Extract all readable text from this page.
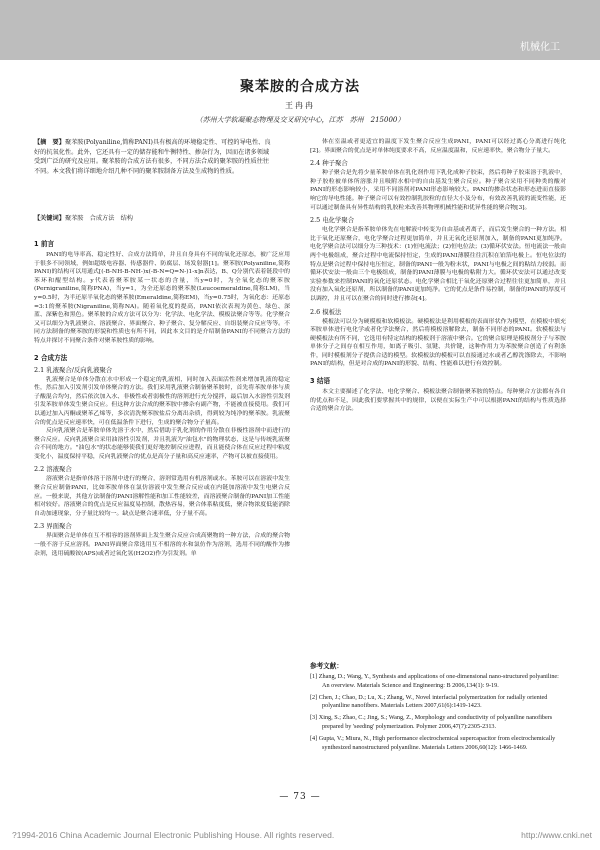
机械化工
聚苯胺的合成方法
王冉冉
（苏州大学软凝聚态物理及交叉研究中心，江苏　苏州　215000）
【摘　要】聚苯胺(Polyaniline,简称PANI)具有极高的环境稳定性、可控的导电性、良好的抗氧化性。此外，它还具有一定的储存能和牛衡特性、掺杂行为，因而在诸多领域受到广泛的研究及应用。聚苯胺的合成方法有很多，不同方法合成的聚苯胺的性质往往不同。本文我们将详细地介绍几种不同的聚苯胺制备方法及生成物的性质。
【关键词】聚苯胺　合成方法　结构
1 前言
PANI的电导率高、稳定性好、合成方法简单，并且自身具有不同的氧化还原态，被广泛应用于很多不同领域，例如超级电容器、传感器件、防腐层、场发射器[1]。聚苯胺(Polyaniline,简称PANI)的结构可以用通式[(-B-NH-B-NH-)x(-B-N=Q=N-)1-x]n表达，B、Q分别代表着链段中的苯环和醌型结构。y代表着聚苯胺某一状态的含量，当y=0时，为全氧化态的聚苯胺(Pernigraniline,简称PNA)，当y=1，为全还原态的聚苯胺(Leucoemeraldine,简称LM)，当y=0.5时，为半还原半氧化态的聚苯胺(Emeraldine,简称EM)，当y=0.75时，为氧化态：还原态=3:1的聚苯胺(Nigraniline,简称NA)。随着氧化度的提高，PANI依次表现为黄色、绿色、深蓝、深紫色和黑色。聚苯胺的合成方法可以分为：化学法、电化学法、模板法聚合等等。化学聚合又可以细分为乳液聚合、溶液聚合、界面聚合、种子聚合、复分解反应、自组装聚合反应等等。不同方法制备的聚苯胺的形貌和性质也有所不同，因此本文目的是介绍制备PANI的不同聚合方法的特点并探讨不同聚合条件对聚苯胺性质的影响。
2 合成方法
2.1 乳液聚合/反向乳液聚合
乳液聚合是单体分散在水中形成一个稳定的乳液相，同时加入表面活性剂来增加乳液的稳定性，然后加入引发剂引发单体聚合的方法。我们采用乳液聚合制备聚苯胺时，首先将苯胺单体与质子酸混合均匀，然后依次加入水、非极性或者弱极性的溶剂进行充分搅拌，最后加入水溶性引发剂引发苯胺单体发生聚合反应。但这种方法合成的聚苯胺中掺杂有副产物，不能被直接使用。我们可以通过加入丙酮或聚苯乙烯等，多次清洗聚苯胺盐后分离出杂质，得到较为纯净的聚苯胺。乳液聚合的优点是反应速率快，可在低温条件下进行，生成的聚合物分子量高。
反向乳液聚合是苯胺单体先溶于水中，然后借助于乳化剂的作用分散在非极性溶剂中而进行的聚合反应。反向乳液聚合采用油溶性引发剂，并且乳液为"油包水"的物理状态，这是与传统乳液聚合不同的地方。"油包水"的状态能够使我们更好地控制反应进程，而且能使合体在反应过程中粘度变化小，温度保持平稳，反向乳液聚合的优点是高分子量和高反应速率，产物可以被直接使用。
2.2 溶液聚合
溶液聚合是指单体溶于溶剂中进行的聚合，溶剂常选用有机溶剂或水。苯胺可以在溶液中发生聚合反应制备PANI，比如苯胺单体在氯仿溶液中发生聚合反应或在内链加溶液中发生电聚合反应。一般来说，其他方法制备的PANI溶解性能和加工性能较差，而溶液聚合制备的PANI加工性能相对较好。溶液聚合的优点是反应温度易控制，散热容易，聚合体系粘度低，聚合物浓度低能消除自动加速现象，分子量比较均一。缺点是聚合速率低，分子量不高。
2.3 界面聚合
界面聚合是单体在互不相容的溶剂界面上发生聚合反应合成高聚物的一种方法，合成的聚合物一般不溶于反应溶剂。PANI界面聚合常选用互不相溶的水和氯仿作为溶剂，选用不同的酸作为掺杂剂，选用硫酸铵(APS)或者过氧化氢(H2O2)作为引发剂。单
体在室温或者更适宜的温度下发生聚合反应生成PANI，PANI可以经过离心分离进行纯化[2]。界面聚合的优点是对单体纯度要求不高，反应温度温和，反应速率快，聚合物分子量大。
2.4 种子聚合
种子聚合是先将少量苯胺单体在乳化剂作用下乳化成种子胶束，然后将种子胶束溶于乳液中，种子胶粒被单体所溶胀并且吸附水相中的自由基发生聚合反应。种子聚合采用不同种类的酸对PANI的形态影响较小，采用不同溶剂对PANI形态影响较大。PANI的掺杂状态和形态进而直接影响它的导电性能。种子聚合可以有效控制乳胶粒的直径大小及分布，有效改善乳液的流变性能，还可以通过制备具有异性结构的乳胶粒来改善其物理机械性能和优异性能的聚合物[3]。
2.5 电化学聚合
电化学聚合是指苯胺单体先在电解液中转变为自由基或者离子，而后发生聚合的一种方法。相比于氧化还原聚合，电化学聚合过程更加简单，并且无氧化还原剂加入，制备的PANI更加纯净。电化学聚合法可以细分为三种技术：(1)恒电流法；(2)恒电位法；(3)循环伏安法。恒电流法一般由两个电极组成，聚合过程中电流保持恒定，生成的PANI薄膜往往沉积在铂箔电极上。恒电位法的特点是聚合过程中保持电压恒定，制备的PANI一般为粉末状，PANI与电极之间的粘结力较弱。而循环伏安法一般由三个电极组成，制备的PANI薄膜与电极的粘附力大。循环伏安法可以通过改变实验参数来控制PANI的氧化还原状态。电化学聚合相比于氧化还原聚合过程往往更加简单，并且没有加入氧化还原剂，所以制备的PANI更加纯净。它的优点是条件易控制，制备的PANI的厚度可以调控，并且可以在聚合的同时进行掺杂[4]。
2.6 模板法
模板法可以分为硬模板和软模板法。硬模板法是利用模板的表面形状作为模型，在模板中填充苯胺单体进行电化学或者化学法聚合，然后将模板溶解除去，制备不同形态的PANI。软模板法与硬模板法有所不同，它选用有特定结构的模板剂于溶液中聚合。它的聚合原理是模板剂分子与苯胺单体分子之间存在相互作用，如离子吸引、氢键、共价键，这种作用力为苯胺聚合创造了有利条件，同时模板剂分子提供合适的模型。软模板法的模板可以直接通过水或者乙醇洗涤除去，不影响PANI的结构，但是对合成的PANI的形貌、结构、性能难以进行有效控制。
3 结语
本文主要描述了化学法、电化学聚合、模板法聚合制备聚苯胺的特点。每种聚合方法都有各自的优点和不足，因此我们要掌握其中的规律，以便在实际生产中可以根据PANI的结构与性质选择合适的聚合方法。
参考文献：
[1] Zhang, D.; Wang, Y., Synthesis and applications of one-dimensional nano-structured polyaniline: An overview. Materials Science and Engineering: B 2006,134(1): 9-19.
[2] Chen, J.; Chao, D.; Lu, X.; Zhang, W., Novel interfacial polymerization for radially oriented polyaniline nanofibers. Materials Letters 2007,61(6):1419-1423.
[3] Xing, S.; Zhao, C.; Jing, S.; Wang, Z., Morphology and conductivity of polyaniline nanofibers prepared by 'seeding' polymerization. Polymer 2006,47(7):2305-2313.
[4] Gupta, V.; Miura, N., High performance electrochemical supercapacitor from electrochemically synthesized nanostructured polyaniline. Materials Letters 2006,60(12): 1466-1469.
— 73 —
?1994-2016 China Academic Journal Electronic Publishing House. All rights reserved.	http://www.cnki.net
